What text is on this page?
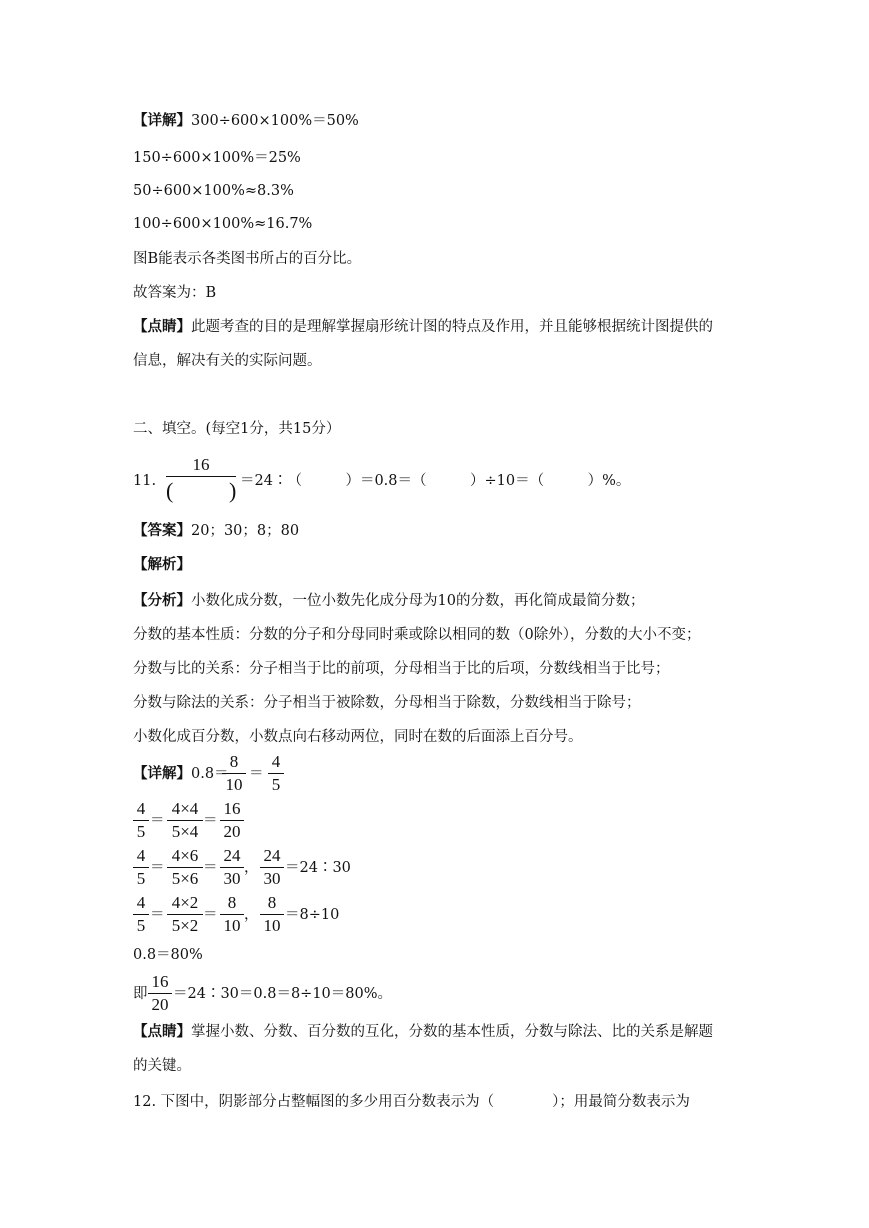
【详解】300÷600×100%＝50%
150÷600×100%＝25%
50÷600×100%≈8.3%
100÷600×100%≈16.7%
图B能表示各类图书所占的百分比。
故答案为：B
【点睛】此题考查的目的是理解掌握扇形统计图的特点及作用，并且能够根据统计图提供的
信息，解决有关的实际问题。
二、填空。(每空1分，共15分）
11.
16
(	) ＝24∶（　　　）＝0.8＝（　　　）÷10＝（　　　）%。
【答案】20；30；8；80
【解析】
【分析】小数化成分数，一位小数先化成分母为10的分数，再化简成最简分数；
分数的基本性质：分数的分子和分母同时乘或除以相同的数（0除外），分数的大小不变；
分数与比的关系：分子相当于比的前项，分母相当于比的后项，分数线相当于比号；
分数与除法的关系：分子相当于被除数，分母相当于除数，分数线相当于除号；
小数化成百分数，小数点向右移动两位，同时在数的后面添上百分号。
【详解】0.8＝
8
10
＝
4
5
4
5
＝
4×4
5×4
＝
16
20
4
5
＝
4×6
5×6
＝
24
30
，
24
30
＝24∶30
4
5
＝
4×2
5×2
＝
8
10
，
8
10
＝8÷10
0.8＝80%
即
16
20
＝24∶30＝0.8＝8÷10＝80%。
【点睛】掌握小数、分数、百分数的互化，分数的基本性质，分数与除法、比的关系是解题
的关键。
12. 下图中，阴影部分占整幅图的多少用百分数表示为（　　　　）；用最简分数表示为
